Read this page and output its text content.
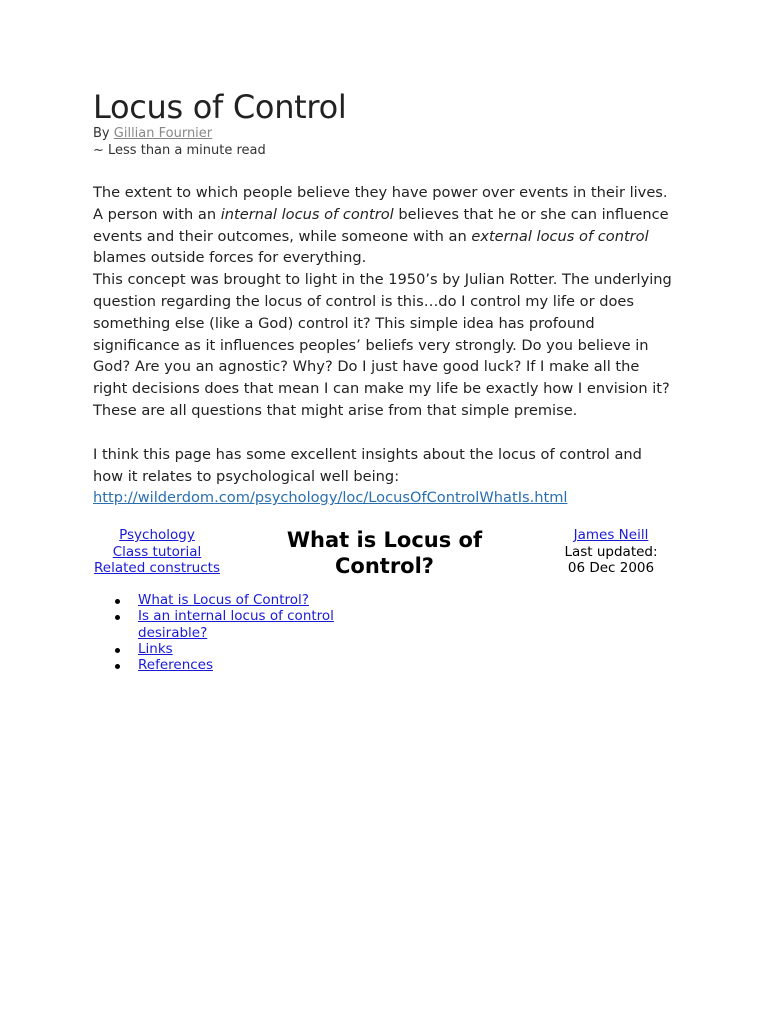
Locus of Control
By Gillian Fournier
~ Less than a minute read

The extent to which people believe they have power over events in their lives. A person with an internal locus of control believes that he or she can influence events and their outcomes, while someone with an external locus of control blames outside forces for everything.

This concept was brought to light in the 1950’s by Julian Rotter. The underlying question regarding the locus of control is this…do I control my life or does something else (like a God) control it? This simple idea has profound significance as it influences peoples’ beliefs very strongly. Do you believe in God? Are you an agnostic? Why? Do I just have good luck? If I make all the right decisions does that mean I can make my life be exactly how I envision it? These are all questions that might arise from that simple premise.

I think this page has some excellent insights about the locus of control and how it relates to psychological well being: http://wilderdom.com/psychology/loc/LocusOfControlWhatIs.html

Psychology
Class tutorial
Related constructs
What is Locus of Control?
James Neill
Last updated:
06 Dec 2006
What is Locus of Control?
Is an internal locus of control desirable?
Links
References
